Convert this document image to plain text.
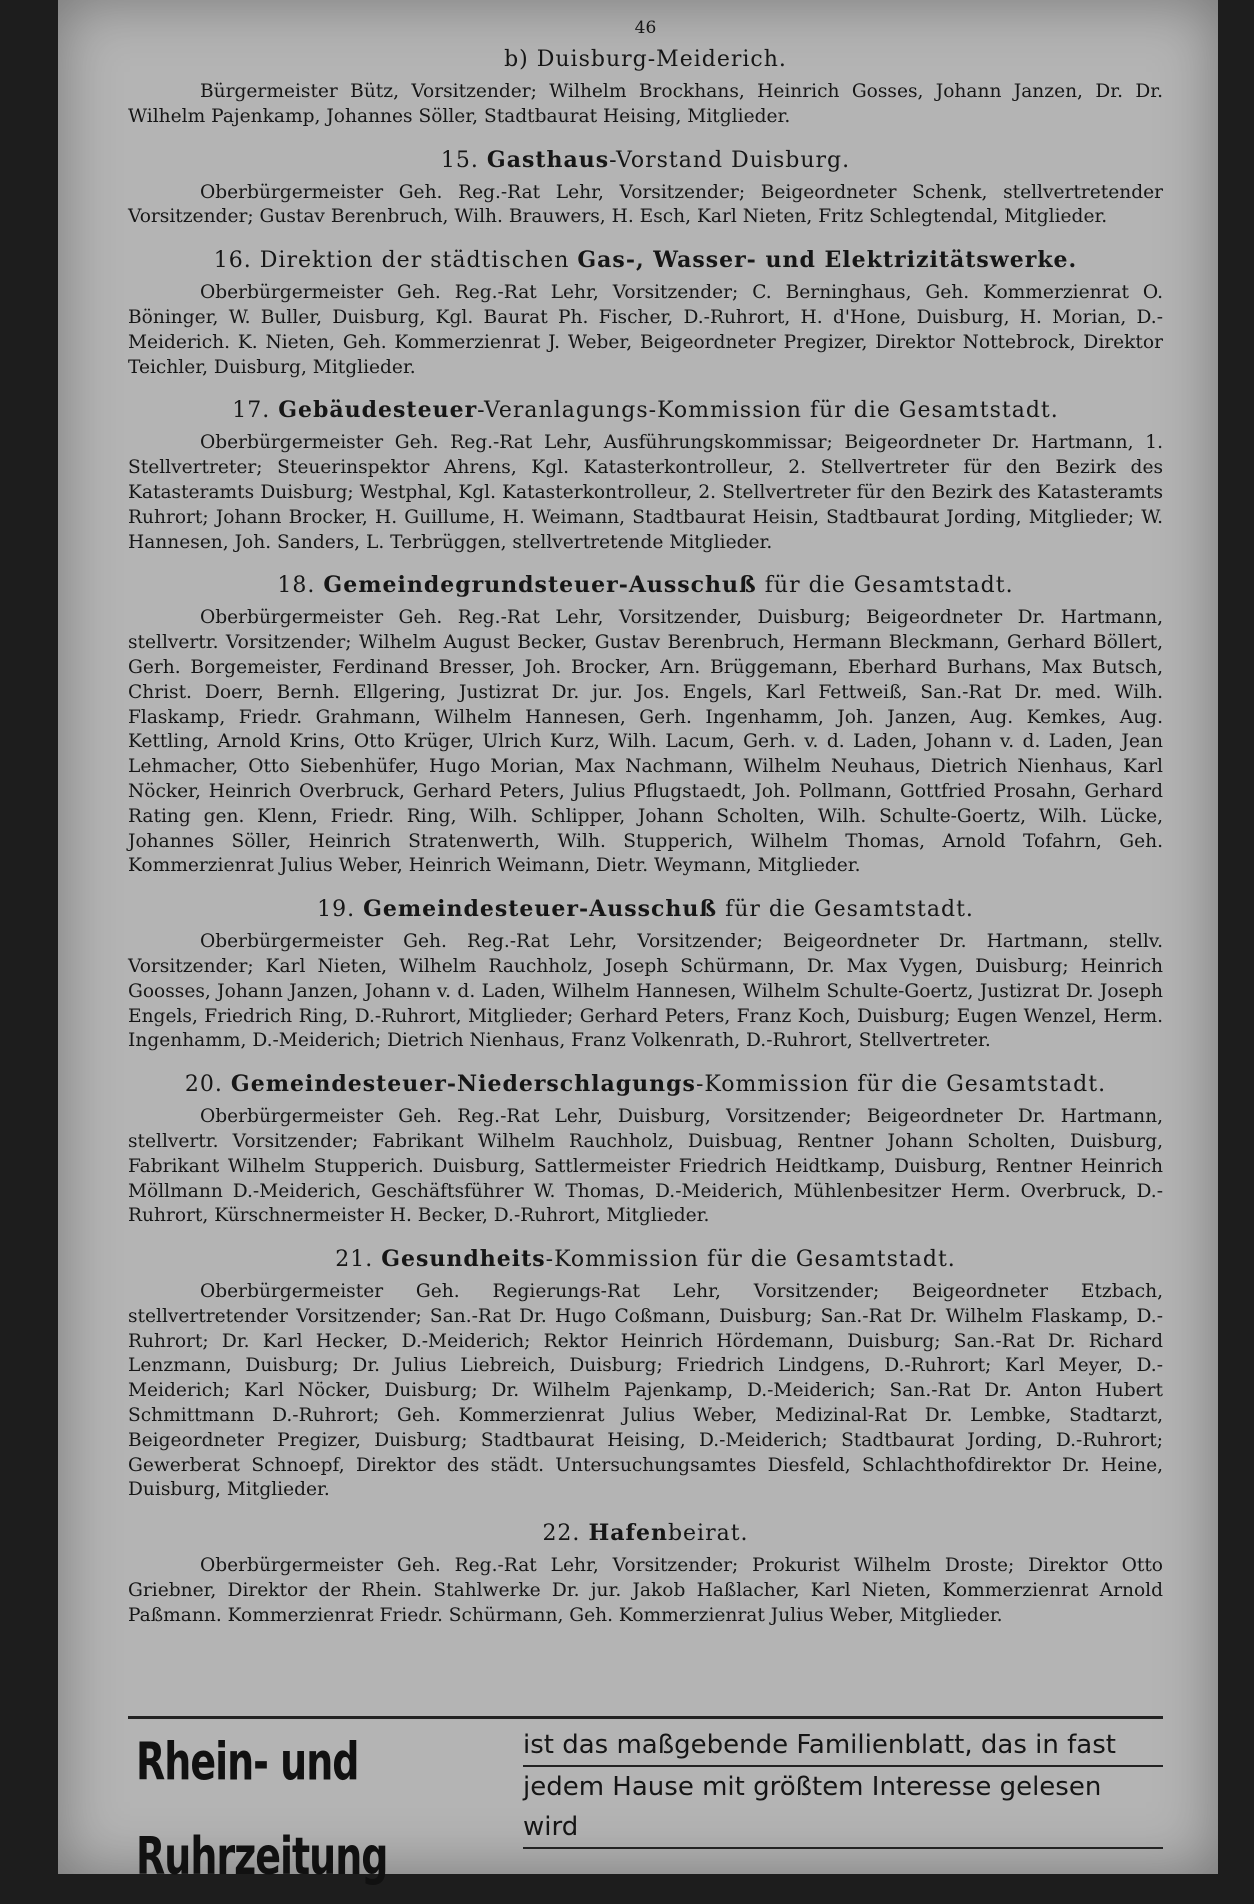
46
b) Duisburg-Meiderich.

Bürgermeister Bütz, Vorsitzender; Wilhelm Brockhans, Heinrich Gosses, Johann Janzen, Dr. Dr. Wilhelm Pajenkamp, Johannes Söller, Stadtbaurat Heising, Mitglieder.

15. Gasthaus-Vorstand Duisburg.

Oberbürgermeister Geh. Reg.-Rat Lehr, Vorsitzender; Beigeordneter Schenk, stellvertretender Vorsitzender; Gustav Berenbruch, Wilh. Brauwers, H. Esch, Karl Nieten, Fritz Schlegtendal, Mitglieder.

16. Direktion der städtischen Gas-, Wasser- und Elektrizitätswerke.

Oberbürgermeister Geh. Reg.-Rat Lehr, Vorsitzender; C. Berninghaus, Geh. Kommerzienrat O. Böninger, W. Buller, Duisburg, Kgl. Baurat Ph. Fischer, D.-Ruhrort, H. d'Hone, Duisburg, H. Morian, D.-Meiderich. K. Nieten, Geh. Kommerzienrat J. Weber, Beigeordneter Pregizer, Direktor Nottebrock, Direktor Teichler, Duisburg, Mitglieder.

17. Gebäudesteuer-Veranlagungs-Kommission für die Gesamtstadt.

Oberbürgermeister Geh. Reg.-Rat Lehr, Ausführungskommissar; Beigeordneter Dr. Hartmann, 1. Stellvertreter; Steuerinspektor Ahrens, Kgl. Katasterkontrolleur, 2. Stellvertreter für den Bezirk des Katasteramts Duisburg; Westphal, Kgl. Katasterkontrolleur, 2. Stellvertreter für den Bezirk des Katasteramts Ruhrort; Johann Brocker, H. Guillume, H. Weimann, Stadtbaurat Heisin, Stadtbaurat Jording, Mitglieder; W. Hannesen, Joh. Sanders, L. Terbrüggen, stellvertretende Mitglieder.

18. Gemeindegrundsteuer-Ausschuß für die Gesamtstadt.

Oberbürgermeister Geh. Reg.-Rat Lehr, Vorsitzender, Duisburg; Beigeordneter Dr. Hartmann, stellvertr. Vorsitzender; Wilhelm August Becker, Gustav Berenbruch, Hermann Bleckmann, Gerhard Böllert, Gerh. Borgemeister, Ferdinand Bresser, Joh. Brocker, Arn. Brüggemann, Eberhard Burhans, Max Butsch, Christ. Doerr, Bernh. Ellgering, Justizrat Dr. jur. Jos. Engels, Karl Fettweiß, San.-Rat Dr. med. Wilh. Flaskamp, Friedr. Grahmann, Wilhelm Hannesen, Gerh. Ingenhamm, Joh. Janzen, Aug. Kemkes, Aug. Kettling, Arnold Krins, Otto Krüger, Ulrich Kurz, Wilh. Lacum, Gerh. v. d. Laden, Johann v. d. Laden, Jean Lehmacher, Otto Siebenhüfer, Hugo Morian, Max Nachmann, Wilhelm Neuhaus, Dietrich Nienhaus, Karl Nöcker, Heinrich Overbruck, Gerhard Peters, Julius Pflugstaedt, Joh. Pollmann, Gottfried Prosahn, Gerhard Rating gen. Klenn, Friedr. Ring, Wilh. Schlipper, Johann Scholten, Wilh. Schulte-Goertz, Wilh. Lücke, Johannes Söller, Heinrich Stratenwerth, Wilh. Stupperich, Wilhelm Thomas, Arnold Tofahrn, Geh. Kommerzienrat Julius Weber, Heinrich Weimann, Dietr. Weymann, Mitglieder.

19. Gemeindesteuer-Ausschuß für die Gesamtstadt.

Oberbürgermeister Geh. Reg.-Rat Lehr, Vorsitzender; Beigeordneter Dr. Hartmann, stellv. Vorsitzender; Karl Nieten, Wilhelm Rauchholz, Joseph Schürmann, Dr. Max Vygen, Duisburg; Heinrich Goosses, Johann Janzen, Johann v. d. Laden, Wilhelm Hannesen, Wilhelm Schulte-Goertz, Justizrat Dr. Joseph Engels, Friedrich Ring, D.-Ruhrort, Mitglieder; Gerhard Peters, Franz Koch, Duisburg; Eugen Wenzel, Herm. Ingenhamm, D.-Meiderich; Dietrich Nienhaus, Franz Volkenrath, D.-Ruhrort, Stellvertreter.

20. Gemeindesteuer-Niederschlagungs-Kommission für die Gesamtstadt.

Oberbürgermeister Geh. Reg.-Rat Lehr, Duisburg, Vorsitzender; Beigeordneter Dr. Hartmann, stellvertr. Vorsitzender; Fabrikant Wilhelm Rauchholz, Duisbuag, Rentner Johann Scholten, Duisburg, Fabrikant Wilhelm Stupperich. Duisburg, Sattlermeister Friedrich Heidtkamp, Duisburg, Rentner Heinrich Möllmann D.-Meiderich, Geschäftsführer W. Thomas, D.-Meiderich, Mühlenbesitzer Herm. Overbruck, D.-Ruhrort, Kürschnermeister H. Becker, D.-Ruhrort, Mitglieder.

21. Gesundheits-Kommission für die Gesamtstadt.

Oberbürgermeister Geh. Regierungs-Rat Lehr, Vorsitzender; Beigeordneter Etzbach, stellvertretender Vorsitzender; San.-Rat Dr. Hugo Coßmann, Duisburg; San.-Rat Dr. Wilhelm Flaskamp, D.-Ruhrort; Dr. Karl Hecker, D.-Meiderich; Rektor Heinrich Hördemann, Duisburg; San.-Rat Dr. Richard Lenzmann, Duisburg; Dr. Julius Liebreich, Duisburg; Friedrich Lindgens, D.-Ruhrort; Karl Meyer, D.-Meiderich; Karl Nöcker, Duisburg; Dr. Wilhelm Pajenkamp, D.-Meiderich; San.-Rat Dr. Anton Hubert Schmittmann D.-Ruhrort; Geh. Kommerzienrat Julius Weber, Medizinal-Rat Dr. Lembke, Stadtarzt, Beigeordneter Pregizer, Duisburg; Stadtbaurat Heising, D.-Meiderich; Stadtbaurat Jording, D.-Ruhrort; Gewerberat Schnoepf, Direktor des städt. Untersuchungsamtes Diesfeld, Schlachthofdirektor Dr. Heine, Duisburg, Mitglieder.

22. Hafenbeirat.

Oberbürgermeister Geh. Reg.-Rat Lehr, Vorsitzender; Prokurist Wilhelm Droste; Direktor Otto Griebner, Direktor der Rhein. Stahlwerke Dr. jur. Jakob Haßlacher, Karl Nieten, Kommerzienrat Arnold Paßmann. Kommerzienrat Friedr. Schürmann, Geh. Kommerzienrat Julius Weber, Mitglieder.

Rhein- und Ruhrzeitung
ist das maßgebende Familienblatt, das in fast
jedem Hause mit größtem Interesse gelesen wird
